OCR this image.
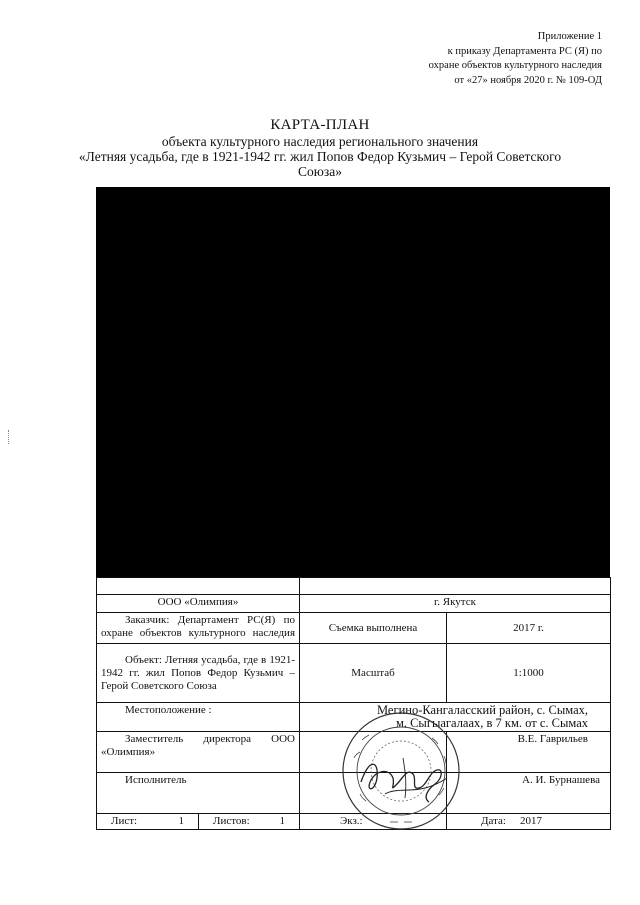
Приложение 1
к приказу Департамента РС (Я) по
охране объектов культурного наследия
от «27» ноября 2020 г. № 109-ОД
КАРТА-ПЛАН
объекта культурного наследия регионального значения
«Летняя усадьба, где в 1921-1942 гг. жил Попов Федор Кузьмич – Герой Советского
Союза»

ООО «Олимпия»		г. Якутск	
Заказчик: Департамент РС(Я) по охране объектов культурного наследия		Съемка выполнена	2017 г.
Объект: Летняя усадьба, где в 1921-1942 гг. жил Попов Федор Кузьмич – Герой Советского Союза		Масштаб	1:1000
Местоположение :		Мегино-Кангаласский район, с. Сымах,
м. Сыгыагалаах, в 7 км. от с. Сымах	

Заместитель директора ООО «Олимпия»			В.Е. Гаврильев
Исполнитель			А. И. Бурнашева

Лист: 1	Листов: 1	Экз.:	Дата: 2017
